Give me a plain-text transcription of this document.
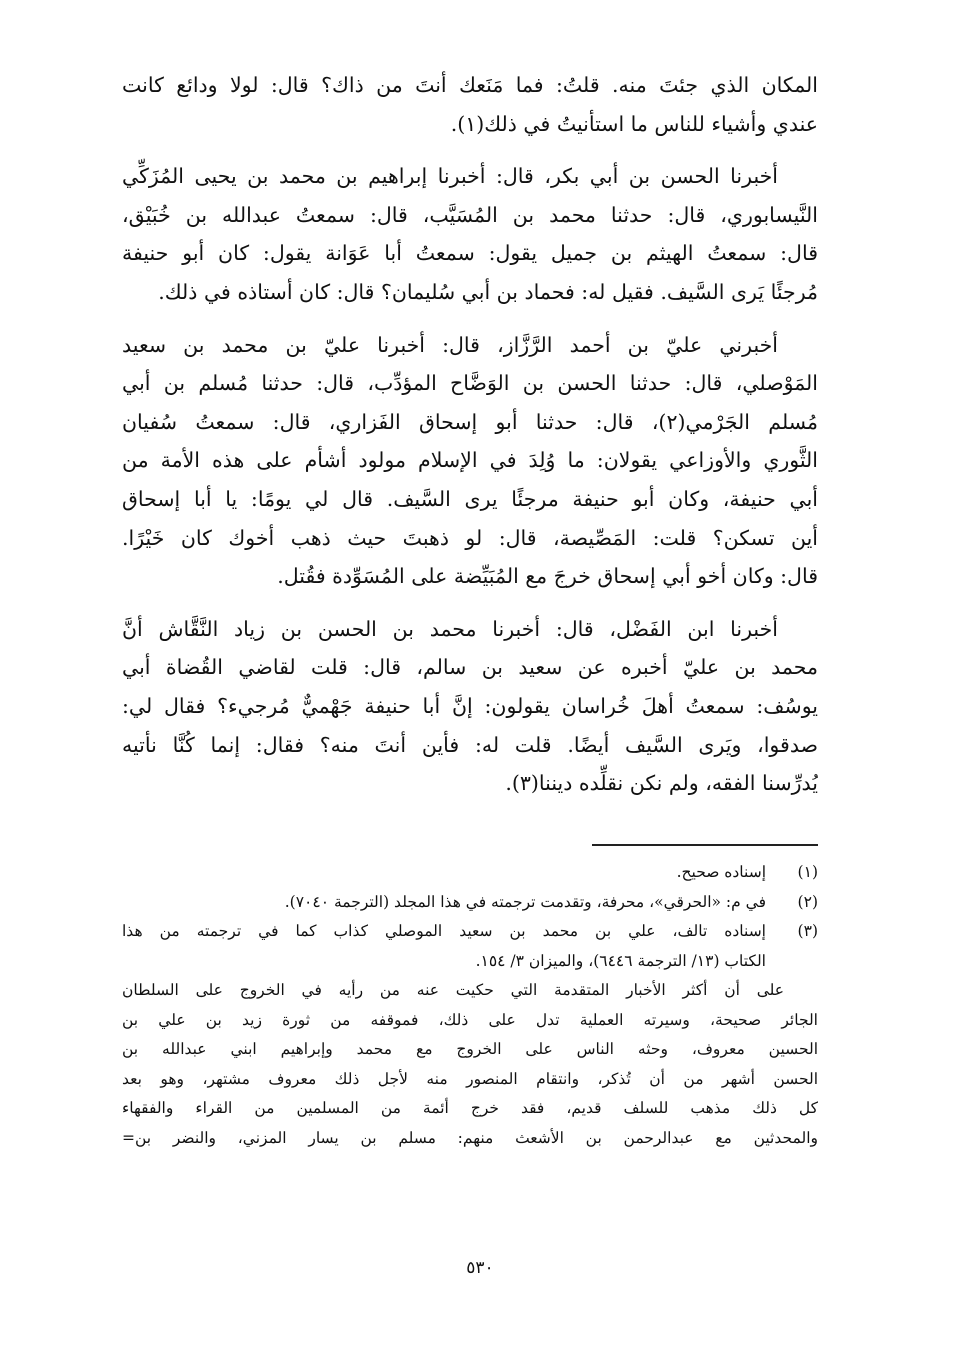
المكان الذي جئتَ منه. قلتُ: فما مَنَعك أنتَ من ذاك؟ قال: لولا ودائع كانت
عندي وأشياء للناس ما استأنيتُ في ذلك(١).
أخبرنا الحسن بن أبي بكر، قال: أخبرنا إبراهيم بن محمد بن يحيى المُزَكِّي
النَّيسابوري، قال: حدثنا محمد بن المُسَيَّب، قال: سمعتُ عبدالله بن خُبَيْق،
قال: سمعتُ الهيثم بن جميل يقول: سمعتُ أبا عَوَانة يقول: كان أبو حنيفة
مُرجئًا يَرى السَّيف. فقيل له: فحماد بن أبي سُليمان؟ قال: كان أستاذه في ذلك.
أخبرني عليّ بن أحمد الرَّزَّاز، قال: أخبرنا عليّ بن محمد بن سعيد
المَوْصلي، قال: حدثنا الحسن بن الوَضَّاح المؤدِّب، قال: حدثنا مُسلم بن أبي
مُسلم الجَرْمي(٢)، قال: حدثنا أبو إسحاق الفَزاري، قال: سمعتُ سُفيان
الثَّوري والأوزاعي يقولان: ما وُلِدَ في الإسلام مولود أشأم على هذه الأمة من
أبي حنيفة، وكان أبو حنيفة مرجئًا يرى السَّيف. قال لي يومًا: يا أبا إسحاق
أين تسكن؟ قلت: المَصِّيصة، قال: لو ذهبتَ حيث ذهب أخوك كان خَيْرًا.
قال: وكان أخو أبي إسحاق خرجَ مع المُبَيِّضة على المُسَوِّدة فقُتل.
أخبرنا ابن الفَضْل، قال: أخبرنا محمد بن الحسن بن زياد النَّقَّاش أنَّ
محمد بن عليّ أخبره عن سعيد بن سالم، قال: قلت لقاضي القُضاة أبي
يوسُف: سمعتُ أهلَ خُراسان يقولون: إنَّ أبا حنيفة جَهْميٌّ مُرجيء؟ فقال لي:
صدقوا، ويَرى السَّيف أيضًا. قلت له: فأين أنتَ منه؟ فقال: إنما كُنَّا نأتيه
يُدرِّسنا الفقه، ولم نكن نقلِّده ديننا(٣).
(١)إسناده صحيح.
(٢)في م: «الحرقي»، محرفة، وتقدمت ترجمته في هذا المجلد (الترجمة ٧٠٤٠).
(٣)إسناده تالف، علي بن محمد بن سعيد الموصلي كذاب كما في ترجمته من هذا
الكتاب (١٣/ الترجمة ٦٤٤٦)، والميزان ٣/ ١٥٤.
على أن أكثر الأخبار المتقدمة التي حكيت عنه من رأيه في الخروج على السلطان
الجائر صحيحة، وسيرته العملية تدل على ذلك، فموقفه من ثورة زيد بن علي بن
الحسين معروف، وحثه الناس على الخروج مع محمد وإبراهيم ابني عبدالله بن
الحسن أشهر من أن تُذكر، وانتقام المنصور منه لأجل ذلك معروف مشتهر، وهو بعد
كل ذلك مذهب للسلف قديم، فقد خرج أئمة من المسلمين من القراء والفقهاء
والمحدثين مع عبدالرحمن بن الأشعث منهم: مسلم بن يسار المزني، والنضر بن=
٥٣٠
